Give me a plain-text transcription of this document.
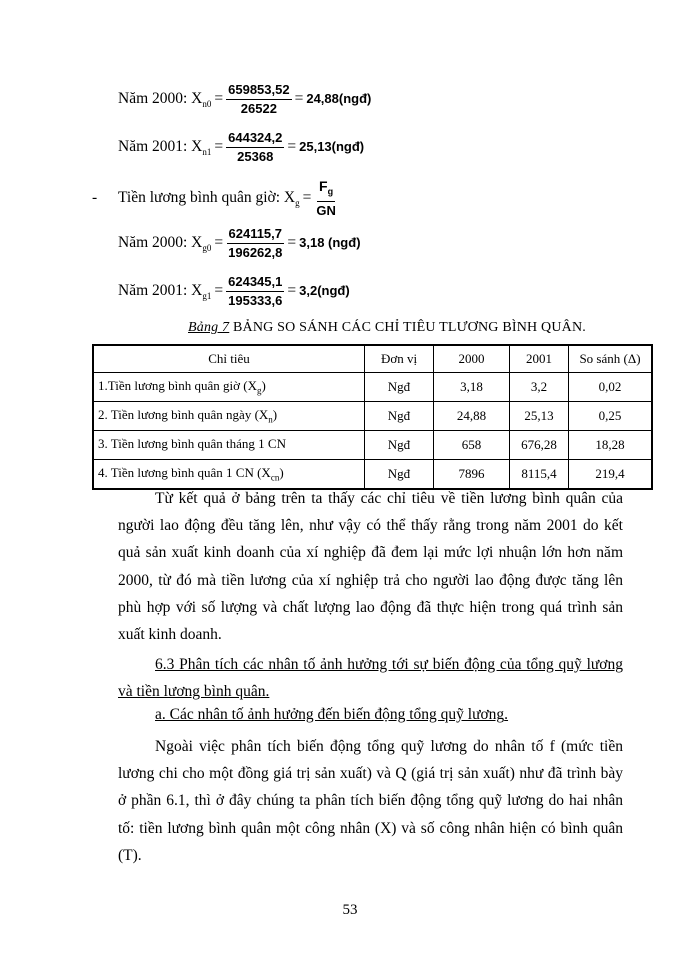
Năm 2000: $X_{n0} = \frac{659853,52}{26522}$ = 24,88(ngđ)
Năm 2001: $X_{n1} = \frac{644324,2}{25368}$ = 25,13(ngđ)
- Tiền lương bình quân giờ: $X_g = \frac{F_g}{GN}$
Năm 2000: $X_{g0} = \frac{624115,7}{196262,8} = 3,18$ (ngđ)
Năm 2001: $X_{g1} = \frac{624345,1}{195333,6}$ = 3,2(ngđ)
Bảng 7 BẢNG SO SÁNH CÁC CHỈ TIÊU TLƯƠNG BÌNH QUÂN.
Chỉ tiêu	Đơn vị	2000	2001	So sánh (Δ)
1.Tiền lương bình quân giờ $(X_g)$	Ngđ	3,18	3,2	0,02
2. Tiền lương bình quân ngày $(X_n)$	Ngđ	24,88	25,13	0,25
3. Tiền lương bình quân tháng 1 CN	Ngđ	658	676,28	18,28
4. Tiền lương bình quân 1 CN $(X_{cn})$	Ngđ	7896	8115,4	219,4
Từ kết quả ở bảng trên ta thấy các chỉ tiêu về tiền lương bình quân của người lao động đều tăng lên, như vậy có thể thấy rằng trong năm 2001 do kết quả sản xuất kinh doanh của xí nghiệp đã đem lại mức lợi nhuận lớn hơn năm 2000, từ đó mà tiền lương của xí nghiệp trả cho người lao động được tăng lên phù hợp với số lượng và chất lượng lao động đã thực hiện trong quá trình sản xuất kinh doanh.
6.3 Phân tích các nhân tố ảnh hưởng tới sự biến động của tổng quỹ lương và tiền lương bình quân.
a. Các nhân tố ảnh hưởng đến biến động tổng quỹ lương.
Ngoài việc phân tích biến động tổng quỹ lương do nhân tố f (mức tiền lương chi cho một đồng giá trị sản xuất) và Q (giá trị sản xuất) như đã trình bày ở phần 6.1, thì ở đây chúng ta phân tích biến động tổng quỹ lương do hai nhân tố: tiền lương bình quân một công nhân (X) và số công nhân hiện có bình quân (T).
53
